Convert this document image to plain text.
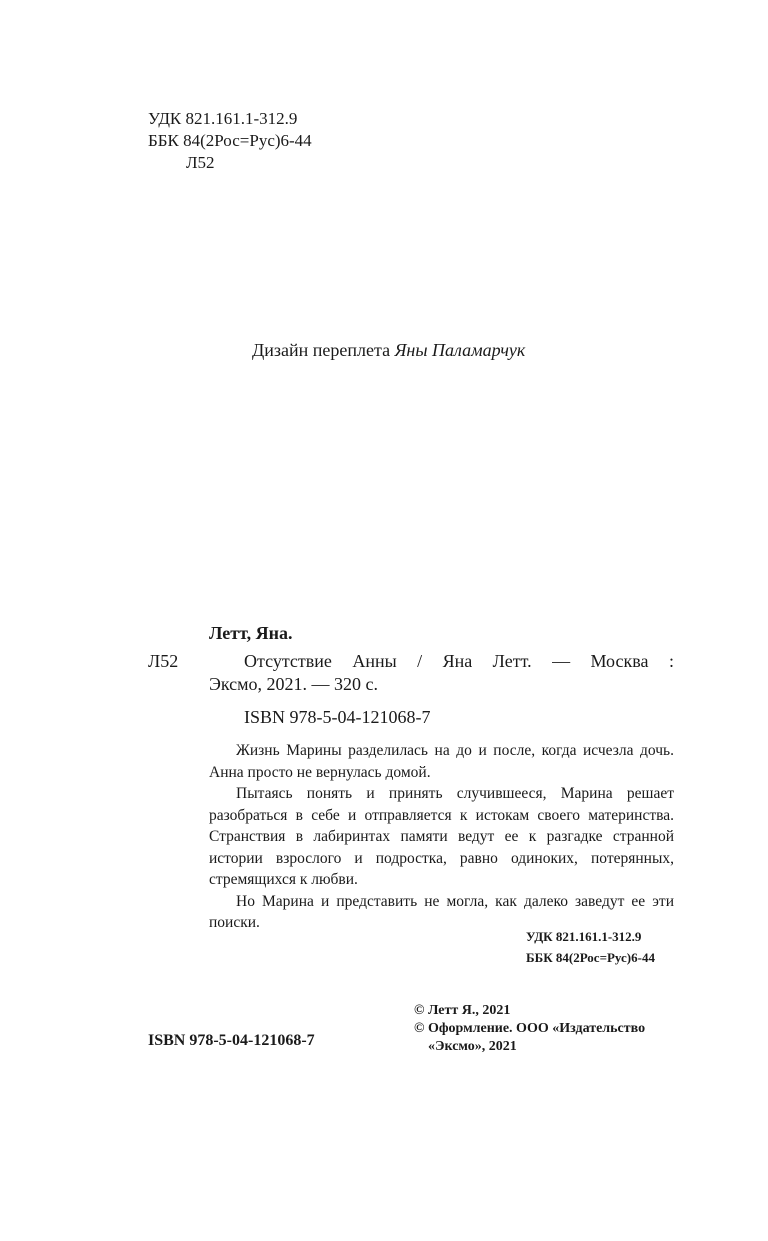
УДК 821.161.1-312.9
ББК 84(2Рос=Рус)6-44
Л52
Дизайн переплета Яны Паламарчук
Летт, Яна.
Л52	Отсутствие Анны / Яна Летт. — Москва :
Эксмо, 2021. — 320 с.
ISBN 978-5-04-121068-7

Жизнь Марины разделилась на до и после, когда исчезла дочь. Анна просто не вернулась домой.

Пытаясь понять и принять случившееся, Марина решает разобраться в себе и отправляется к истокам своего материнства. Странствия в лабиринтах памяти ведут ее к разгадке странной истории взрослого и подростка, равно одиноких, потерянных, стремящихся к любви.

Но Марина и представить не могла, как далеко заведут ее эти поиски.

УДК 821.161.1-312.9
ББК 84(2Рос=Рус)6-44
ISBN 978-5-04-121068-7
© Летт Я., 2021
© Оформление. ООО «Издательство
«Эксмо», 2021
